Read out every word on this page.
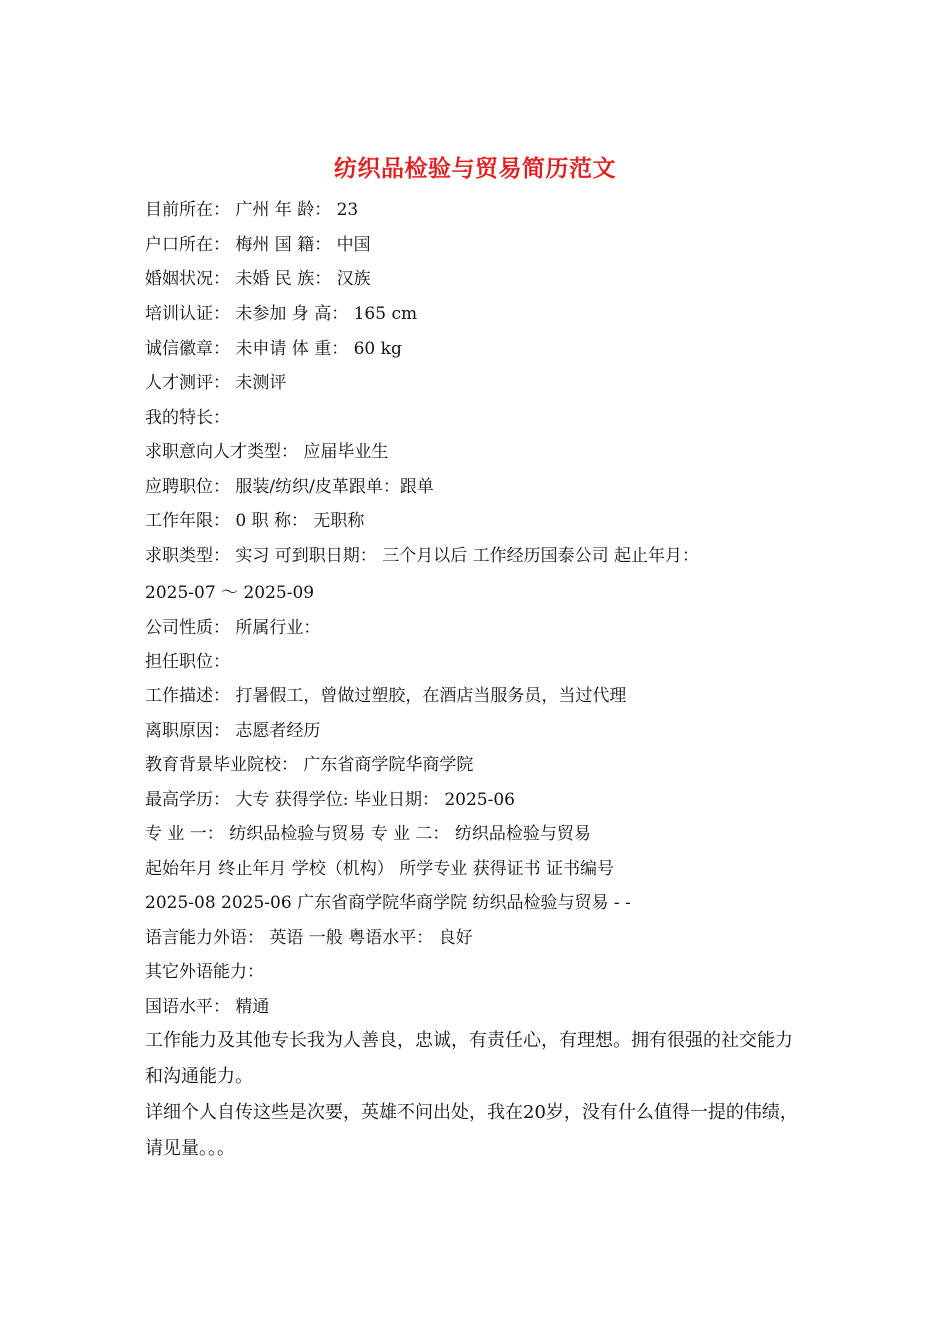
纺织品检验与贸易简历范文
目前所在： 广州 年 龄： 23
户口所在： 梅州 国 籍： 中国
婚姻状况： 未婚 民 族： 汉族
培训认证： 未参加 身 高： 165 cm
诚信徽章： 未申请 体 重： 60 kg
人才测评： 未测评
我的特长：
求职意向人才类型： 应届毕业生
应聘职位： 服装/纺织/皮革跟单：跟单
工作年限： 0 职 称： 无职称
求职类型： 实习 可到职日期： 三个月以后 工作经历国泰公司 起止年月：
2025-07 ～ 2025-09
公司性质： 所属行业：
担任职位：
工作描述： 打暑假工，曾做过塑胶，在酒店当服务员，当过代理
离职原因： 志愿者经历
教育背景毕业院校： 广东省商学院华商学院
最高学历： 大专 获得学位: 毕业日期： 2025-06
专 业 一： 纺织品检验与贸易 专 业 二： 纺织品检验与贸易
起始年月 终止年月 学校（机构） 所学专业 获得证书 证书编号
2025-08 2025-06 广东省商学院华商学院 纺织品检验与贸易 - -
语言能力外语： 英语 一般 粤语水平： 良好
其它外语能力：
国语水平： 精通
工作能力及其他专长我为人善良，忠诚，有责任心，有理想。拥有很强的社交能力和沟通能力。
详细个人自传这些是次要，英雄不问出处，我在20岁，没有什么值得一提的伟绩，请见量。。。
